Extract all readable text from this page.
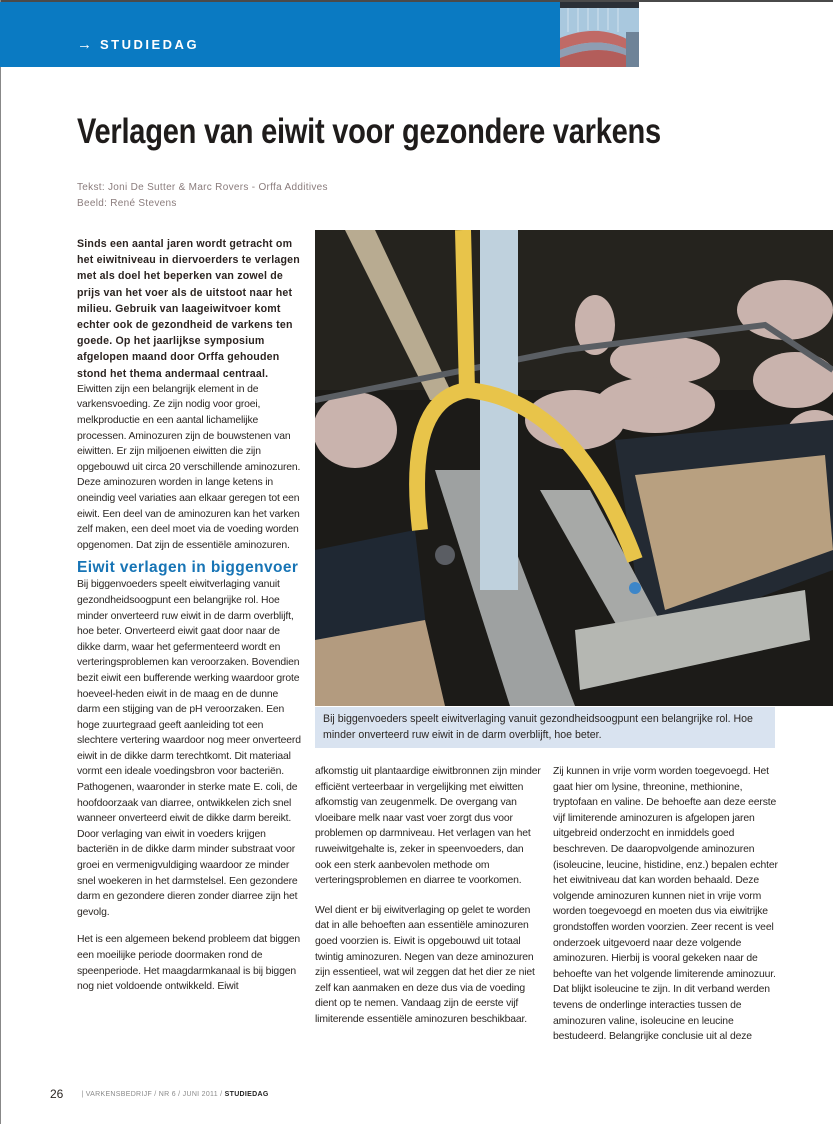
→ STUDIEDAG
Verlagen van eiwit voor gezondere varkens
Tekst: Joni De Sutter & Marc Rovers - Orffa Additives
Beeld: René Stevens

Sinds een aantal jaren wordt getracht om het eiwitniveau in diervoerders te verlagen met als doel het beperken van zowel de prijs van het voer als de uitstoot naar het milieu. Gebruik van laageiwitvoer komt echter ook de gezondheid de varkens ten goede. Op het jaarlijkse symposium afgelopen maand door Orffa gehouden stond het thema andermaal centraal.

Eiwitten zijn een belangrijk element in de varkensvoeding. Ze zijn nodig voor groei, melkproductie en een aantal lichamelijke processen. Aminozuren zijn de bouwstenen van eiwitten. Er zijn miljoenen eiwitten die zijn opgebouwd uit circa 20 verschillende aminozuren. Deze aminozuren worden in lange ketens in oneindig veel variaties aan elkaar geregen tot een eiwit. Een deel van de aminozuren kan het varken zelf maken, een deel moet via de voeding worden opgenomen. Dat zijn de essentiële aminozuren.

Eiwit verlagen in biggenvoer

Bij biggenvoeders speelt eiwitverlaging vanuit gezondheidsoogpunt een belangrijke rol. Hoe minder onverteerd ruw eiwit in de darm overblijft, hoe beter. Onverteerd eiwit gaat door naar de dikke darm, waar het gefermenteerd wordt en verteringsproblemen kan veroorzaken. Bovendien bezit eiwit een bufferende werking waardoor grote hoeveel-heden eiwit in de maag en de dunne darm een stijging van de pH veroorzaken. Een hoge zuurtegraad geeft aanleiding tot een slechtere vertering waardoor nog meer onverteerd eiwit in de dikke darm terechtkomt. Dit materiaal vormt een ideale voedingsbron voor bacteriën. Pathogenen, waaronder in sterke mate E. coli, de hoofdoorzaak van diarree, ontwikkelen zich snel wanneer onverteerd eiwit de dikke darm bereikt. Door verlaging van eiwit in voeders krijgen bacteriën in de dikke darm minder substraat voor groei en vermenigvuldiging waardoor ze minder snel woekeren in het darmstelsel. Een gezondere darm en gezondere dieren zonder diarree zijn het gevolg.

Het is een algemeen bekend probleem dat biggen een moeilijke periode doormaken rond de speenperiode. Het maagdarmkanaal is bij biggen nog niet voldoende ontwikkeld. Eiwit

Bij biggenvoeders speelt eiwitverlaging vanuit gezondheidsoogpunt een belangrijke rol. Hoe minder onverteerd ruw eiwit in de darm overblijft, hoe beter.

afkomstig uit plantaardige eiwitbronnen zijn minder efficiënt verteerbaar in vergelijking met eiwitten afkomstig van zeugenmelk. De overgang van vloeibare melk naar vast voer zorgt dus voor problemen op darmniveau. Het verlagen van het ruweiwitgehalte is, zeker in speenvoeders, dan ook een sterk aanbevolen methode om verteringsproblemen en diarree te voorkomen.

Wel dient er bij eiwitverlaging op gelet te worden dat in alle behoeften aan essentiële aminozuren goed voorzien is. Eiwit is opgebouwd uit totaal twintig aminozuren. Negen van deze aminozuren zijn essentieel, wat wil zeggen dat het dier ze niet zelf kan aanmaken en deze dus via de voeding dient op te nemen. Vandaag zijn de eerste vijf limiterende essentiële aminozuren beschikbaar.

Zij kunnen in vrije vorm worden toegevoegd. Het gaat hier om lysine, threonine, methionine, tryptofaan en valine. De behoefte aan deze eerste vijf limiterende aminozuren is afgelopen jaren uitgebreid onderzocht en inmiddels goed beschreven. De daaropvolgende aminozuren (isoleucine, leucine, histidine, enz.) bepalen echter het eiwitniveau dat kan worden behaald. Deze volgende aminozuren kunnen niet in vrije vorm worden toegevoegd en moeten dus via eiwitrijke grondstoffen worden voorzien. Zeer recent is veel onderzoek uitgevoerd naar deze volgende aminozuren. Hierbij is vooral gekeken naar de behoefte van het volgende limiterende aminozuur. Dat blijkt isoleucine te zijn. In dit verband werden tevens de onderlinge interacties tussen de aminozuren valine, isoleucine en leucine bestudeerd. Belangrijke conclusie uit al deze

26	| VARKENSBEDRIJF / NR 6 / JUNI 2011 / STUDIEDAG
